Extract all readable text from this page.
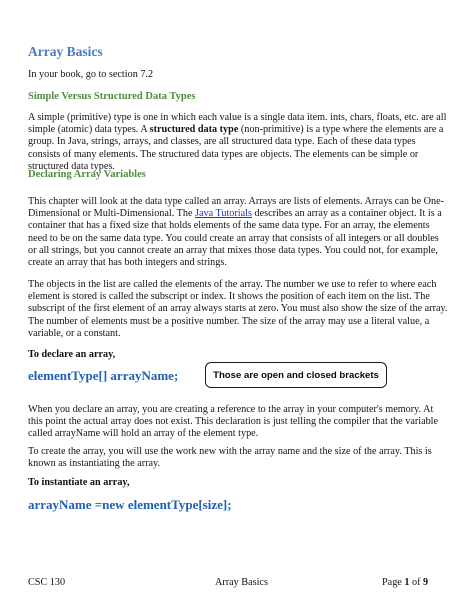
Array Basics
In your book, go to section 7.2
Simple Versus Structured Data Types
A simple (primitive) type is one in which each value is a single data item. ints, chars, floats, etc. are all simple (atomic) data types. A structured data type (non-primitive) is a type where the elements are a group. In Java, strings, arrays, and classes, are all structured data type. Each of these data types consists of many elements. The structured data types are objects. The elements can be simple or structured data types.
Declaring Array Variables
This chapter will look at the data type called an array. Arrays are lists of elements. Arrays can be One-Dimensional or Multi-Dimensional. The Java Tutorials describes an array as a container object. It is a container that has a fixed size that holds elements of the same data type. For an array, the elements need to be on the same data type. You could create an array that consists of all integers or all doubles or all strings, but you cannot create an array that mixes those data types. You could not, for example, create an array that has both integers and strings.
The objects in the list are called the elements of the array. The number we use to refer to where each element is stored is called the subscript or index. It shows the position of each item on the list. The subscript of the first element of an array always starts at zero. You must also show the size of the array. The number of elements must be a positive number. The size of the array may use a literal value, a variable, or a constant.
To declare an array,
elementType[] arrayName;	Those are open and closed brackets
When you declare an array, you are creating a reference to the array in your computer's memory. At this point the actual array does not exist. This declaration is just telling the compiler that the variable called arrayName will hold an array of the element type.
To create the array, you will use the work new with the array name and the size of the array. This is known as instantiating the array.
To instantiate an array,
arrayName =new elementType[size];
CSC 130	Array Basics	Page 1 of 9
